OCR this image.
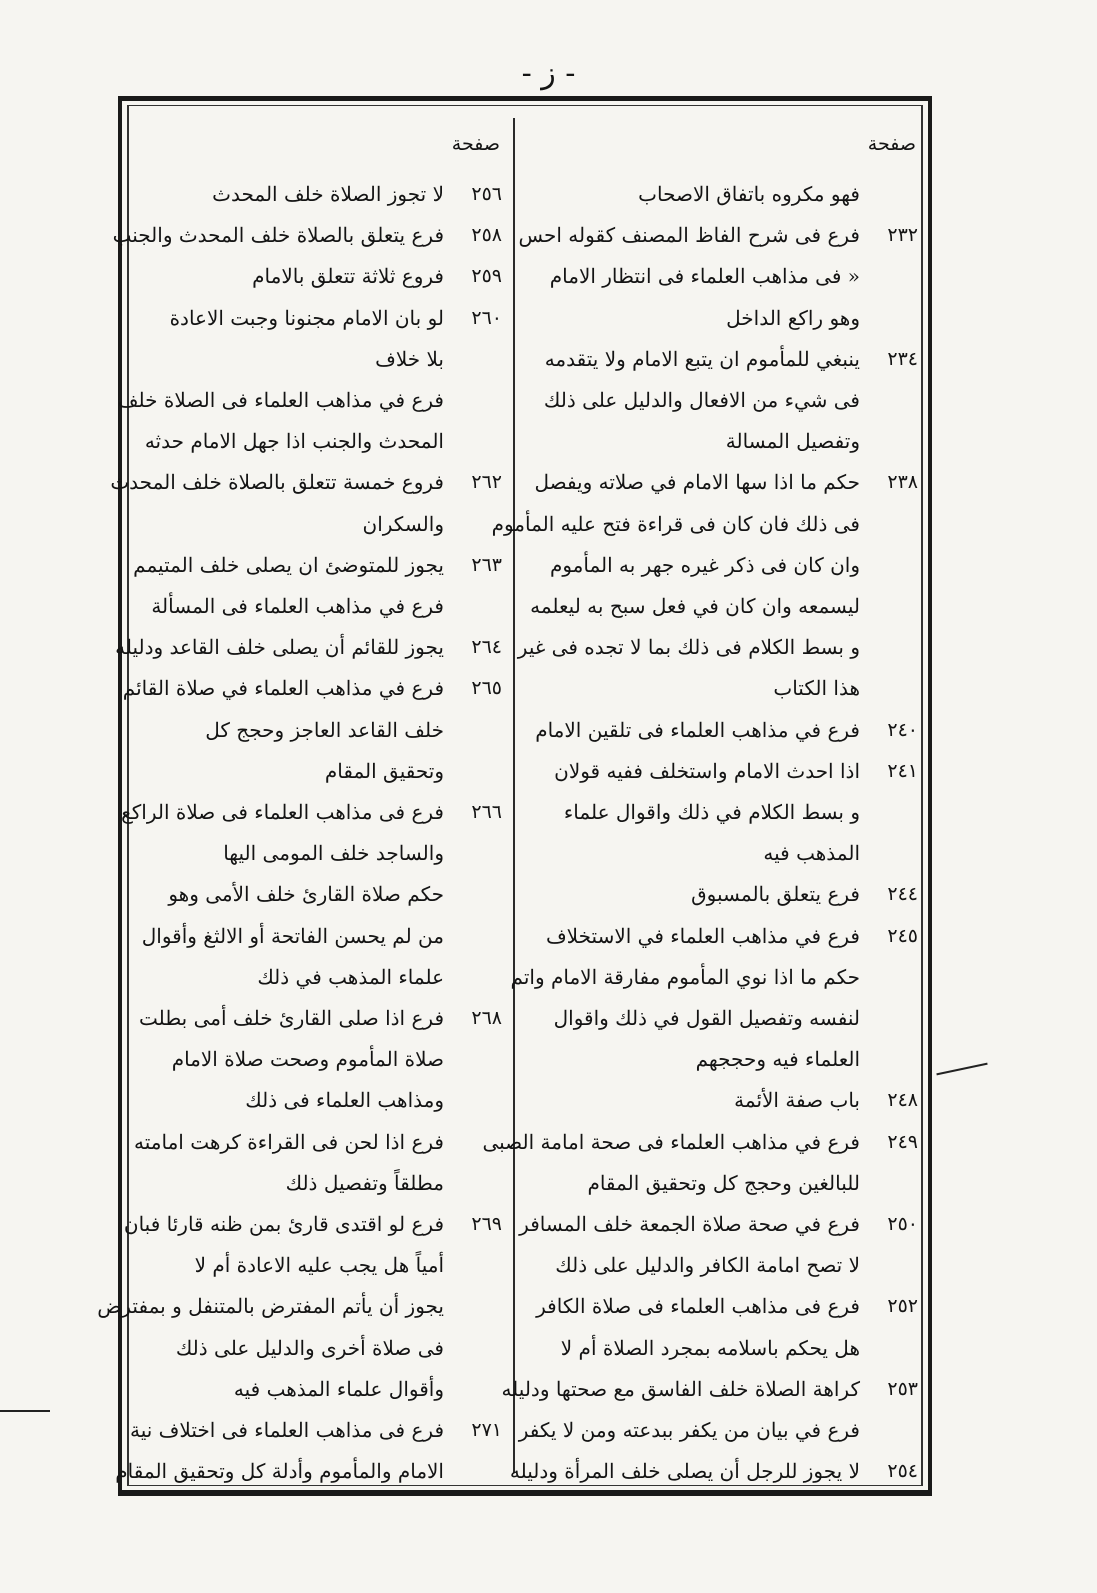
- ز -
صفحة
فهو مكروه باتفاق الاصحاب
٢٣٢
فرع فى شرح الفاظ المصنف كقوله احس
« فى مذاهب العلماء فى انتظار الامام
وهو راكع الداخل
٢٣٤
ينبغي للمأموم ان يتبع الامام ولا يتقدمه
فى شيء من الافعال والدليل على ذلك
وتفصيل المسالة
٢٣٨
حكم ما اذا سها الامام في صلاته ويفصل
فى ذلك فان كان فى قراءة فتح عليه المأموم
وان كان فى ذكر غيره جهر به المأموم
ليسمعه وان كان في فعل سبح به ليعلمه
و بسط الكلام فى ذلك بما لا تجده فى غير
هذا الكتاب
٢٤٠
فرع في مذاهب العلماء فى تلقين الامام
٢٤١
اذا احدث الامام واستخلف ففيه قولان
و بسط الكلام في ذلك واقوال علماء
المذهب فيه
٢٤٤
فرع يتعلق بالمسبوق
٢٤٥
فرع في مذاهب العلماء في الاستخلاف
حكم ما اذا نوي المأموم مفارقة الامام واتم
لنفسه وتفصيل القول في ذلك واقوال
العلماء فيه وحججهم
٢٤٨
باب صفة الأئمة
٢٤٩
فرع في مذاهب العلماء فى صحة امامة الصبى
للبالغين وحجج كل وتحقيق المقام
٢٥٠
فرع في صحة صلاة الجمعة خلف المسافر
لا تصح امامة الكافر والدليل على ذلك
٢٥٢
فرع فى مذاهب العلماء فى صلاة الكافر
هل يحكم باسلامه بمجرد الصلاة أم لا
٢٥٣
كراهة الصلاة خلف الفاسق مع صحتها ودليله
فرع في بيان من يكفر ببدعته ومن لا يكفر
٢٥٤
لا يجوز للرجل أن يصلى خلف المرأة ودليله
صفحة
٢٥٦
لا تجوز الصلاة خلف المحدث
٢٥٨
فرع يتعلق بالصلاة خلف المحدث والجنب
٢٥٩
فروع ثلاثة تتعلق بالامام
٢٦٠
لو بان الامام مجنونا وجبت الاعادة
بلا خلاف
فرع في مذاهب العلماء فى الصلاة خلف
المحدث والجنب اذا جهل الامام حدثه
٢٦٢
فروع خمسة تتعلق بالصلاة خلف المحدث
والسكران
٢٦٣
يجوز للمتوضئ ان يصلى خلف المتيمم
فرع في مذاهب العلماء فى المسألة
٢٦٤
يجوز للقائم أن يصلى خلف القاعد ودليله
٢٦٥
فرع في مذاهب العلماء في صلاة القائم
خلف القاعد العاجز وحجج كل
وتحقيق المقام
٢٦٦
فرع فى مذاهب العلماء فى صلاة الراكع
والساجد خلف المومى اليها
حكم صلاة القارئ خلف الأمى وهو
من لم يحسن الفاتحة أو الالثغ وأقوال
علماء المذهب في ذلك
٢٦٨
فرع اذا صلى القارئ خلف أمى بطلت
صلاة المأموم وصحت صلاة الامام
ومذاهب العلماء فى ذلك
فرع اذا لحن فى القراءة كرهت امامته
مطلقاً وتفصيل ذلك
٢٦٩
فرع لو اقتدى قارئ بمن ظنه قارئا فبان
أمياً هل يجب عليه الاعادة أم لا
يجوز أن يأتم المفترض بالمتنفل و بمفترض
فى صلاة أخرى والدليل على ذلك
وأقوال علماء المذهب فيه
٢٧١
فرع فى مذاهب العلماء فى اختلاف نية
الامام والمأموم وأدلة كل وتحقيق المقام
